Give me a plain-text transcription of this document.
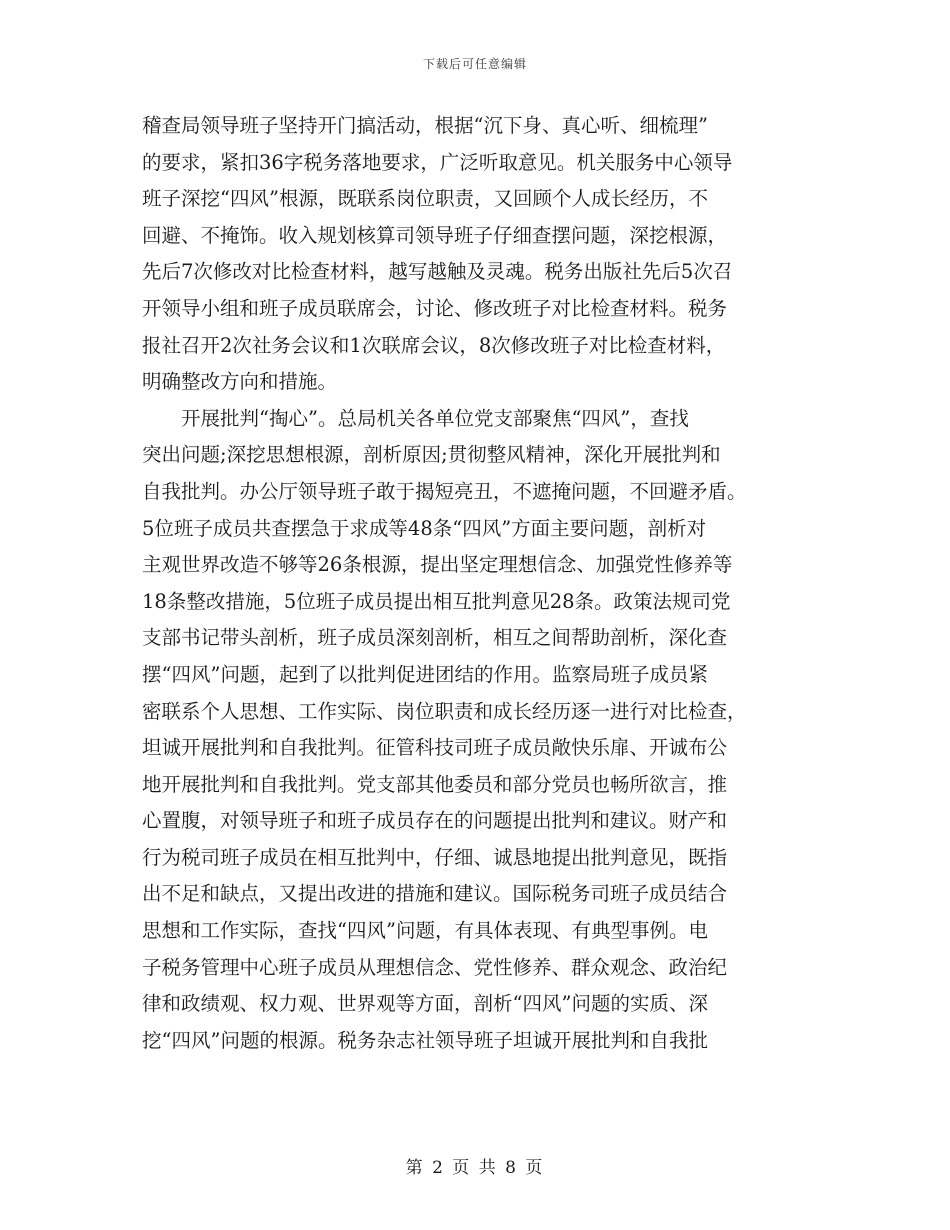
下载后可任意编辑
稽查局领导班子坚持开门搞活动，根据“沉下身、真心听、细梳理”
的要求，紧扣36字税务落地要求，广泛听取意见。机关服务中心领导
班子深挖“四风”根源，既联系岗位职责，又回顾个人成长经历，不
回避、不掩饰。收入规划核算司领导班子仔细查摆问题，深挖根源，
先后7次修改对比检查材料，越写越触及灵魂。税务出版社先后5次召
开领导小组和班子成员联席会，讨论、修改班子对比检查材料。税务
报社召开2次社务会议和1次联席会议，8次修改班子对比检查材料，
明确整改方向和措施。
　　开展批判“掏心”。总局机关各单位党支部聚焦“四风”，查找
突出问题;深挖思想根源，剖析原因;贯彻整风精神，深化开展批判和
自我批判。办公厅领导班子敢于揭短亮丑，不遮掩问题，不回避矛盾。
5位班子成员共查摆急于求成等48条“四风”方面主要问题，剖析对
主观世界改造不够等26条根源，提出坚定理想信念、加强党性修养等
18条整改措施，5位班子成员提出相互批判意见28条。政策法规司党
支部书记带头剖析，班子成员深刻剖析，相互之间帮助剖析，深化查
摆“四风”问题，起到了以批判促进团结的作用。监察局班子成员紧
密联系个人思想、工作实际、岗位职责和成长经历逐一进行对比检查，
坦诚开展批判和自我批判。征管科技司班子成员敞快乐扉、开诚布公
地开展批判和自我批判。党支部其他委员和部分党员也畅所欲言，推
心置腹，对领导班子和班子成员存在的问题提出批判和建议。财产和
行为税司班子成员在相互批判中，仔细、诚恳地提出批判意见，既指
出不足和缺点，又提出改进的措施和建议。国际税务司班子成员结合
思想和工作实际，查找“四风”问题，有具体表现、有典型事例。电
子税务管理中心班子成员从理想信念、党性修养、群众观念、政治纪
律和政绩观、权力观、世界观等方面，剖析“四风”问题的实质、深
挖“四风”问题的根源。税务杂志社领导班子坦诚开展批判和自我批
第 2 页 共 8 页
